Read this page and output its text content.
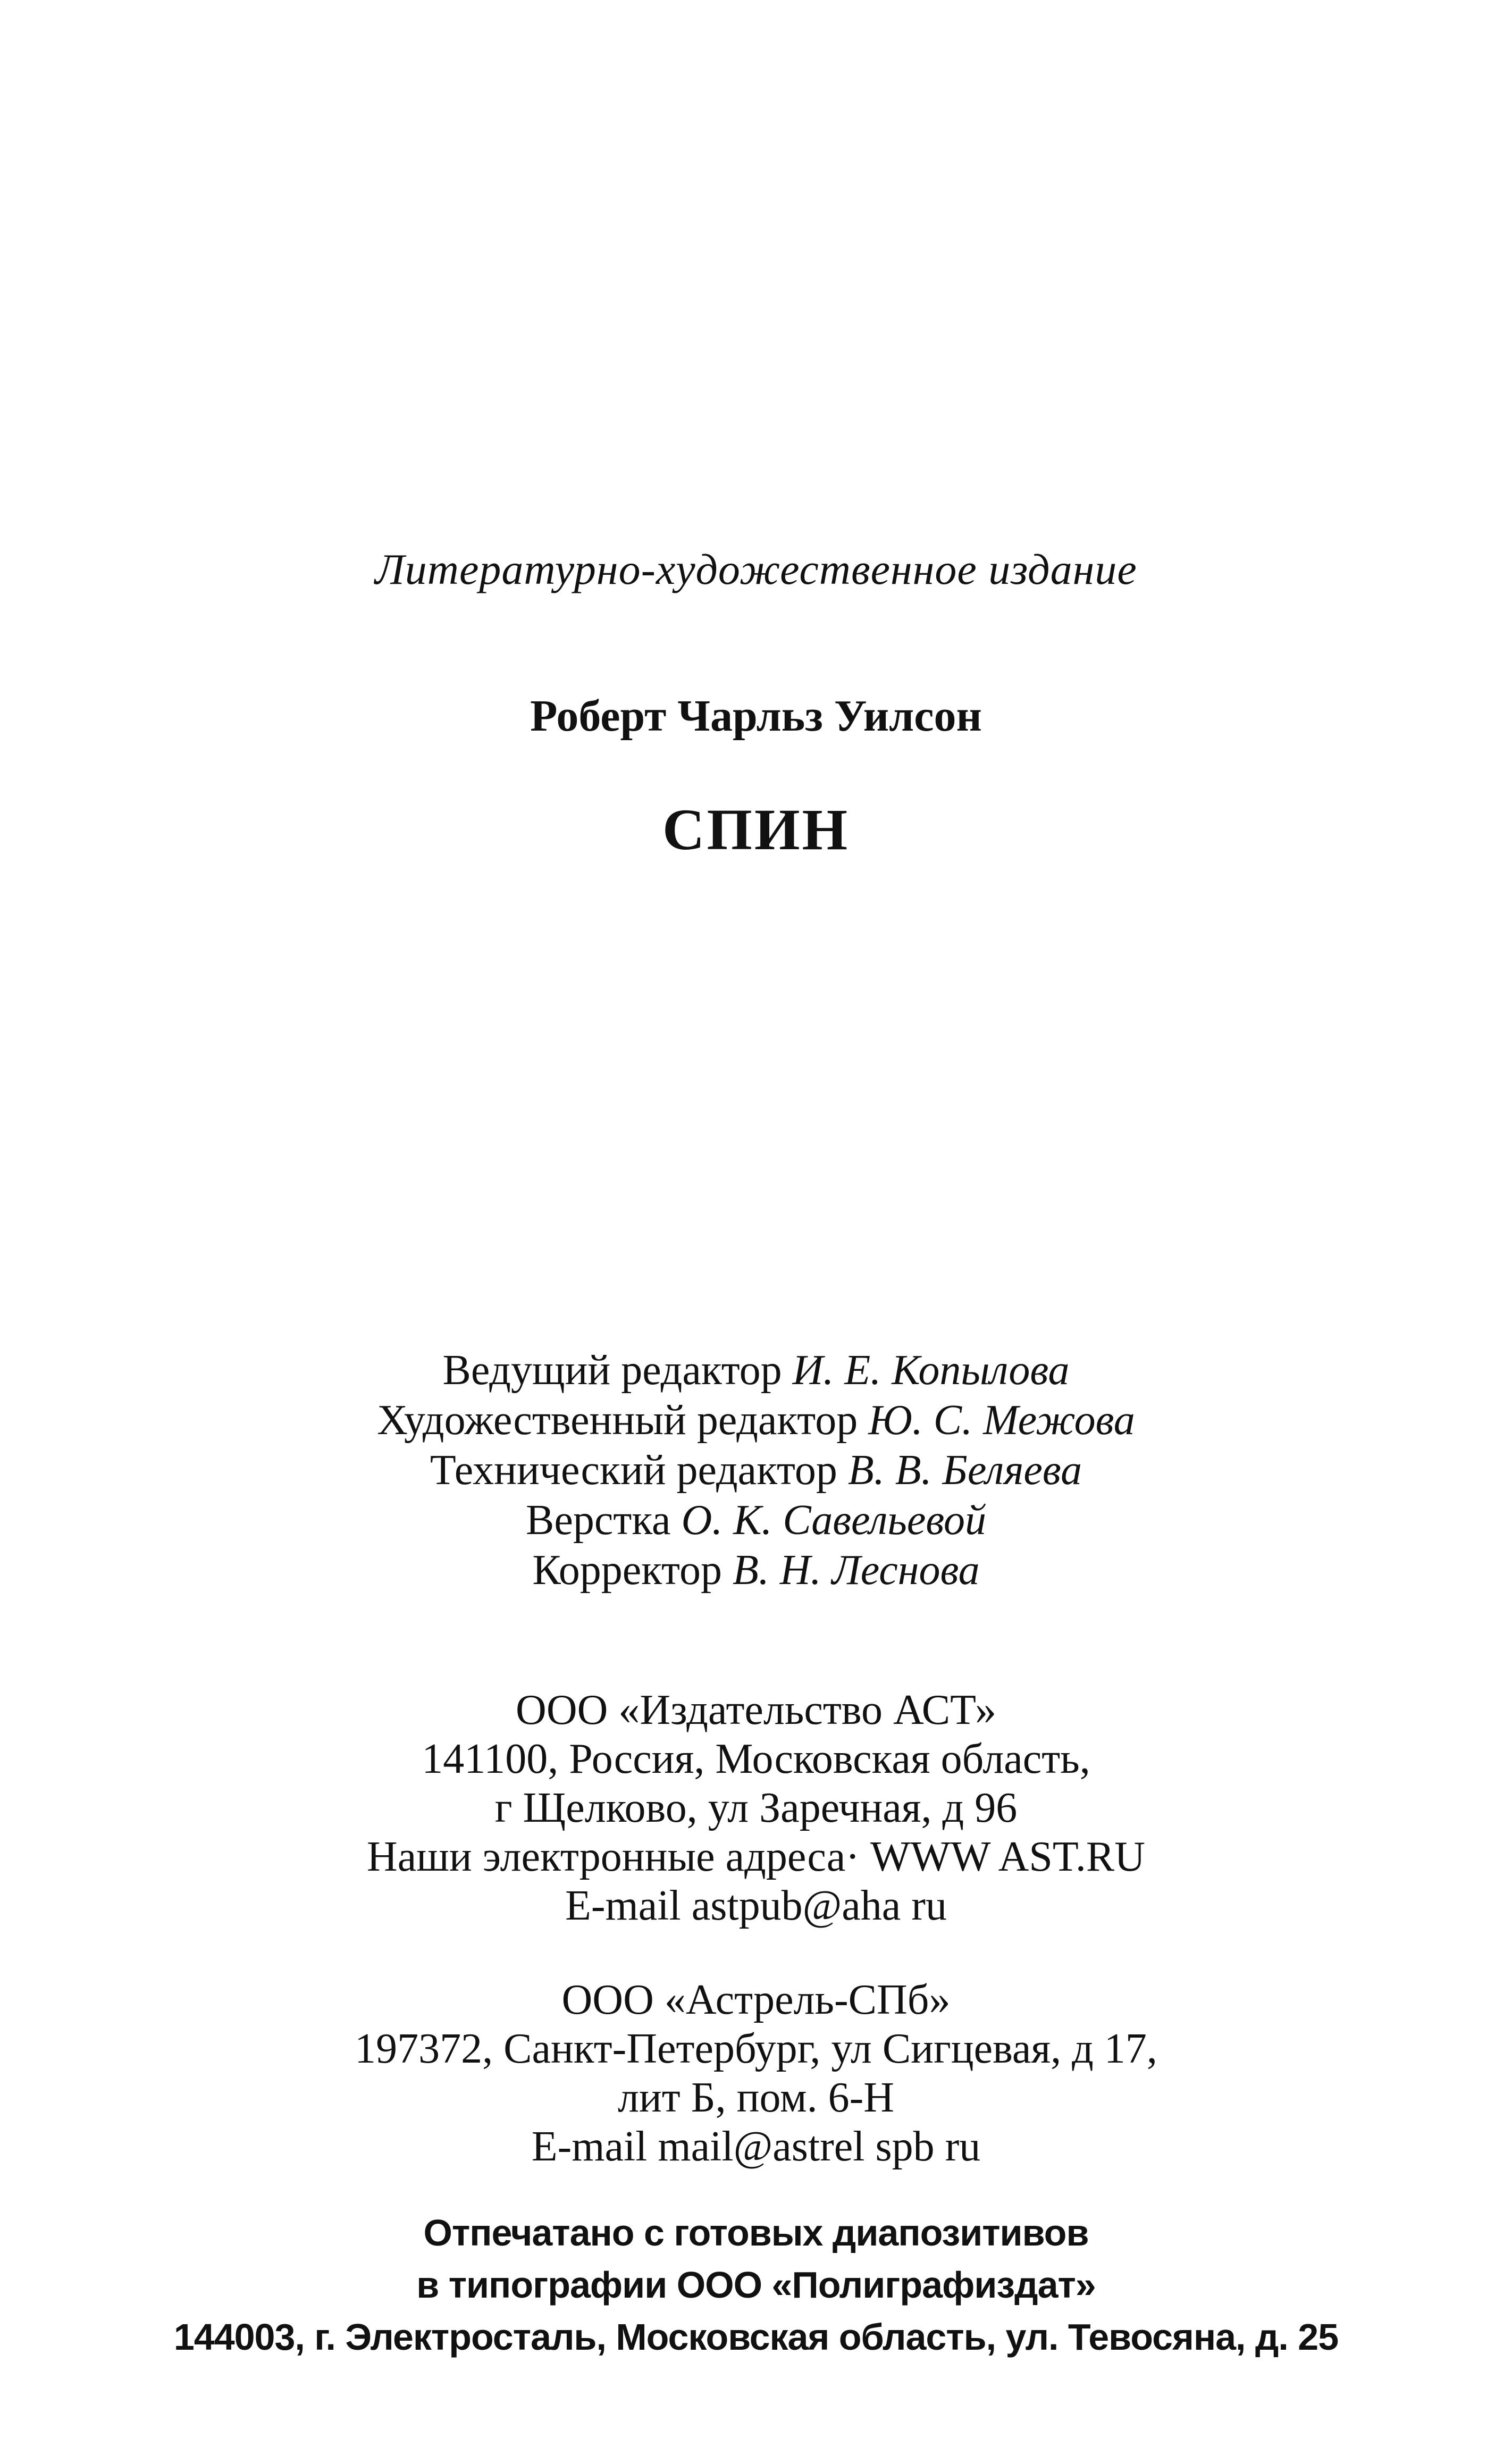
Литературно-художественное издание
Роберт Чарльз Уилсон
СПИН
Ведущий редактор И. Е. Копылова
Художественный редактор Ю. С. Межова
Технический редактор В. В. Беляева
Верстка О. К. Савельевой
Корректор В. Н. Леснова
ООО «Издательство АСТ»
141100, Россия, Московская область,
г Щелково, ул Заречная, д 96
Наши электронные адреса· WWW AST.RU
E-mail astpub@aha ru
ООО «Астрель-СПб»
197372, Санкт-Петербург, ул Сигцевая, д 17,
лит Б, пом. 6-Н
E-mail mail@astrel spb ru
Отпечатано с готовых диапозитивов
в типографии ООО «Полиграфиздат»
144003, г. Электросталь, Московская область, ул. Тевосяна, д. 25
